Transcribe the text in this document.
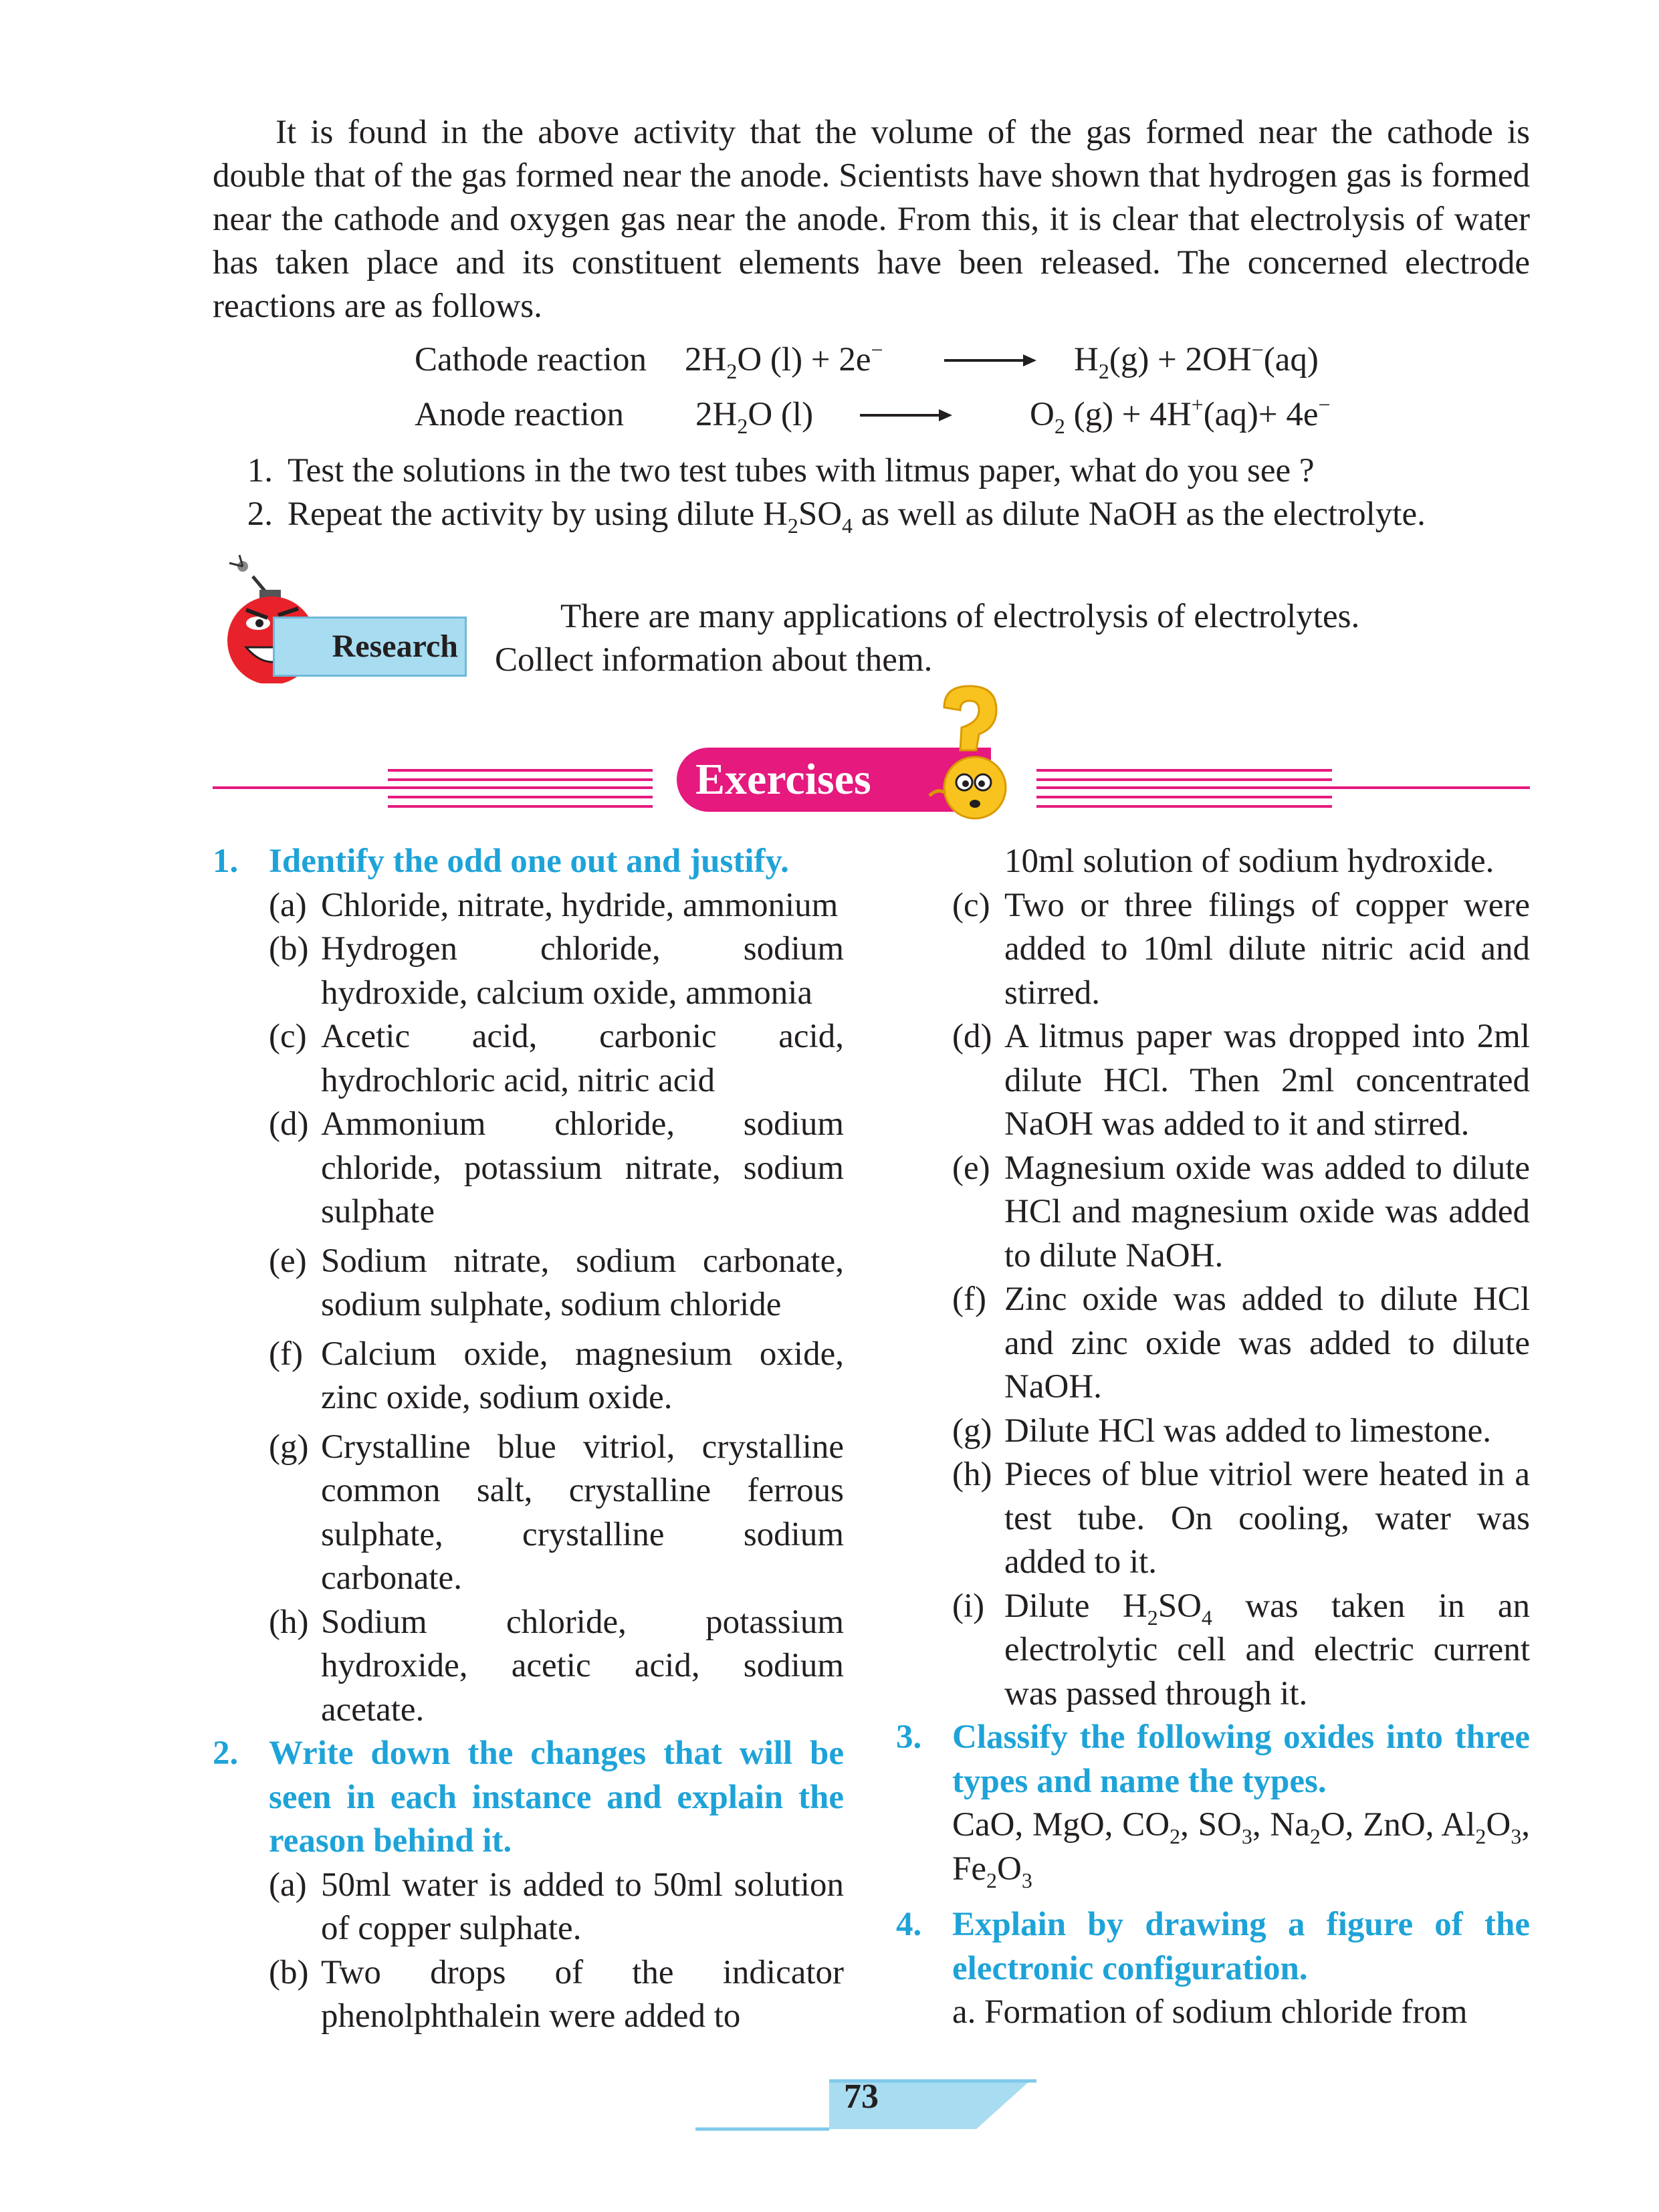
It is found in the above activity that the volume of the gas formed near the cathode is double that of the gas formed near the anode. Scientists have shown that hydrogen gas is formed near the cathode and oxygen gas near the anode. From this, it is clear that electrolysis of water has taken place and its constituent elements have been released. The concerned electrode reactions are as follows.

Cathode reaction $2H_2O$ (l) + 2e−	$H_2(g) + 2OH^-(aq)$
Anode reaction $2H_2O$ (l)	$O_2$ (g) + 4H+(aq)+ 4e−
1. Test the solutions in the two test tubes with litmus paper, what do you see ?
2. Repeat the activity by using dilute $H_2SO_4$ as well as dilute NaOH as the electrolyte.
Research
There are many applications of electrolysis of electrolytes.
Collect information about them.
Exercises
1. Identify the odd one out and justify.

(a) Chloride, nitrate, hydride, ammonium

(b) Hydrogen chloride, sodium hydroxide, calcium oxide, ammonia

(c) Acetic acid, carbonic acid, hydrochloric acid, nitric acid

(d) Ammonium chloride, sodium chloride, potassium nitrate, sodium sulphate

(e) Sodium nitrate, sodium carbonate, sodium sulphate, sodium chloride

(f) Calcium oxide, magnesium oxide, zinc oxide, sodium oxide.

(g) Crystalline blue vitriol, crystalline common salt, crystalline ferrous sulphate, crystalline sodium carbonate.

(h) Sodium chloride, potassium hydroxide, acetic acid, sodium acetate.

2. Write down the changes that will be seen in each instance and explain the reason behind it.

(a) 50ml water is added to 50ml solution of copper sulphate.

(b) Two drops of the indicator phenolphthalein were added to

10ml solution of sodium hydroxide.

(c) Two or three filings of copper were added to 10ml dilute nitric acid and stirred.

(d) A litmus paper was dropped into 2ml dilute HCl. Then 2ml concentrated NaOH was added to it and stirred.

(e) Magnesium oxide was added to dilute HCl and magnesium oxide was added to dilute NaOH.

(f) Zinc oxide was added to dilute HCl and zinc oxide was added to dilute NaOH.

(g) Dilute HCl was added to limestone.

(h) Pieces of blue vitriol were heated in a test tube. On cooling, water was added to it.

(i) Dilute $H_2SO_4$ was taken in an electrolytic cell and electric current was passed through it.

3. Classify the following oxides into three types and name the types.

CaO, MgO, $CO_2$, $SO_3$, $Na_2O$, ZnO, $Al_2O_3$, $Fe_2O_3$

4. Explain by drawing a figure of the electronic configuration.

a. Formation of sodium chloride from

73
